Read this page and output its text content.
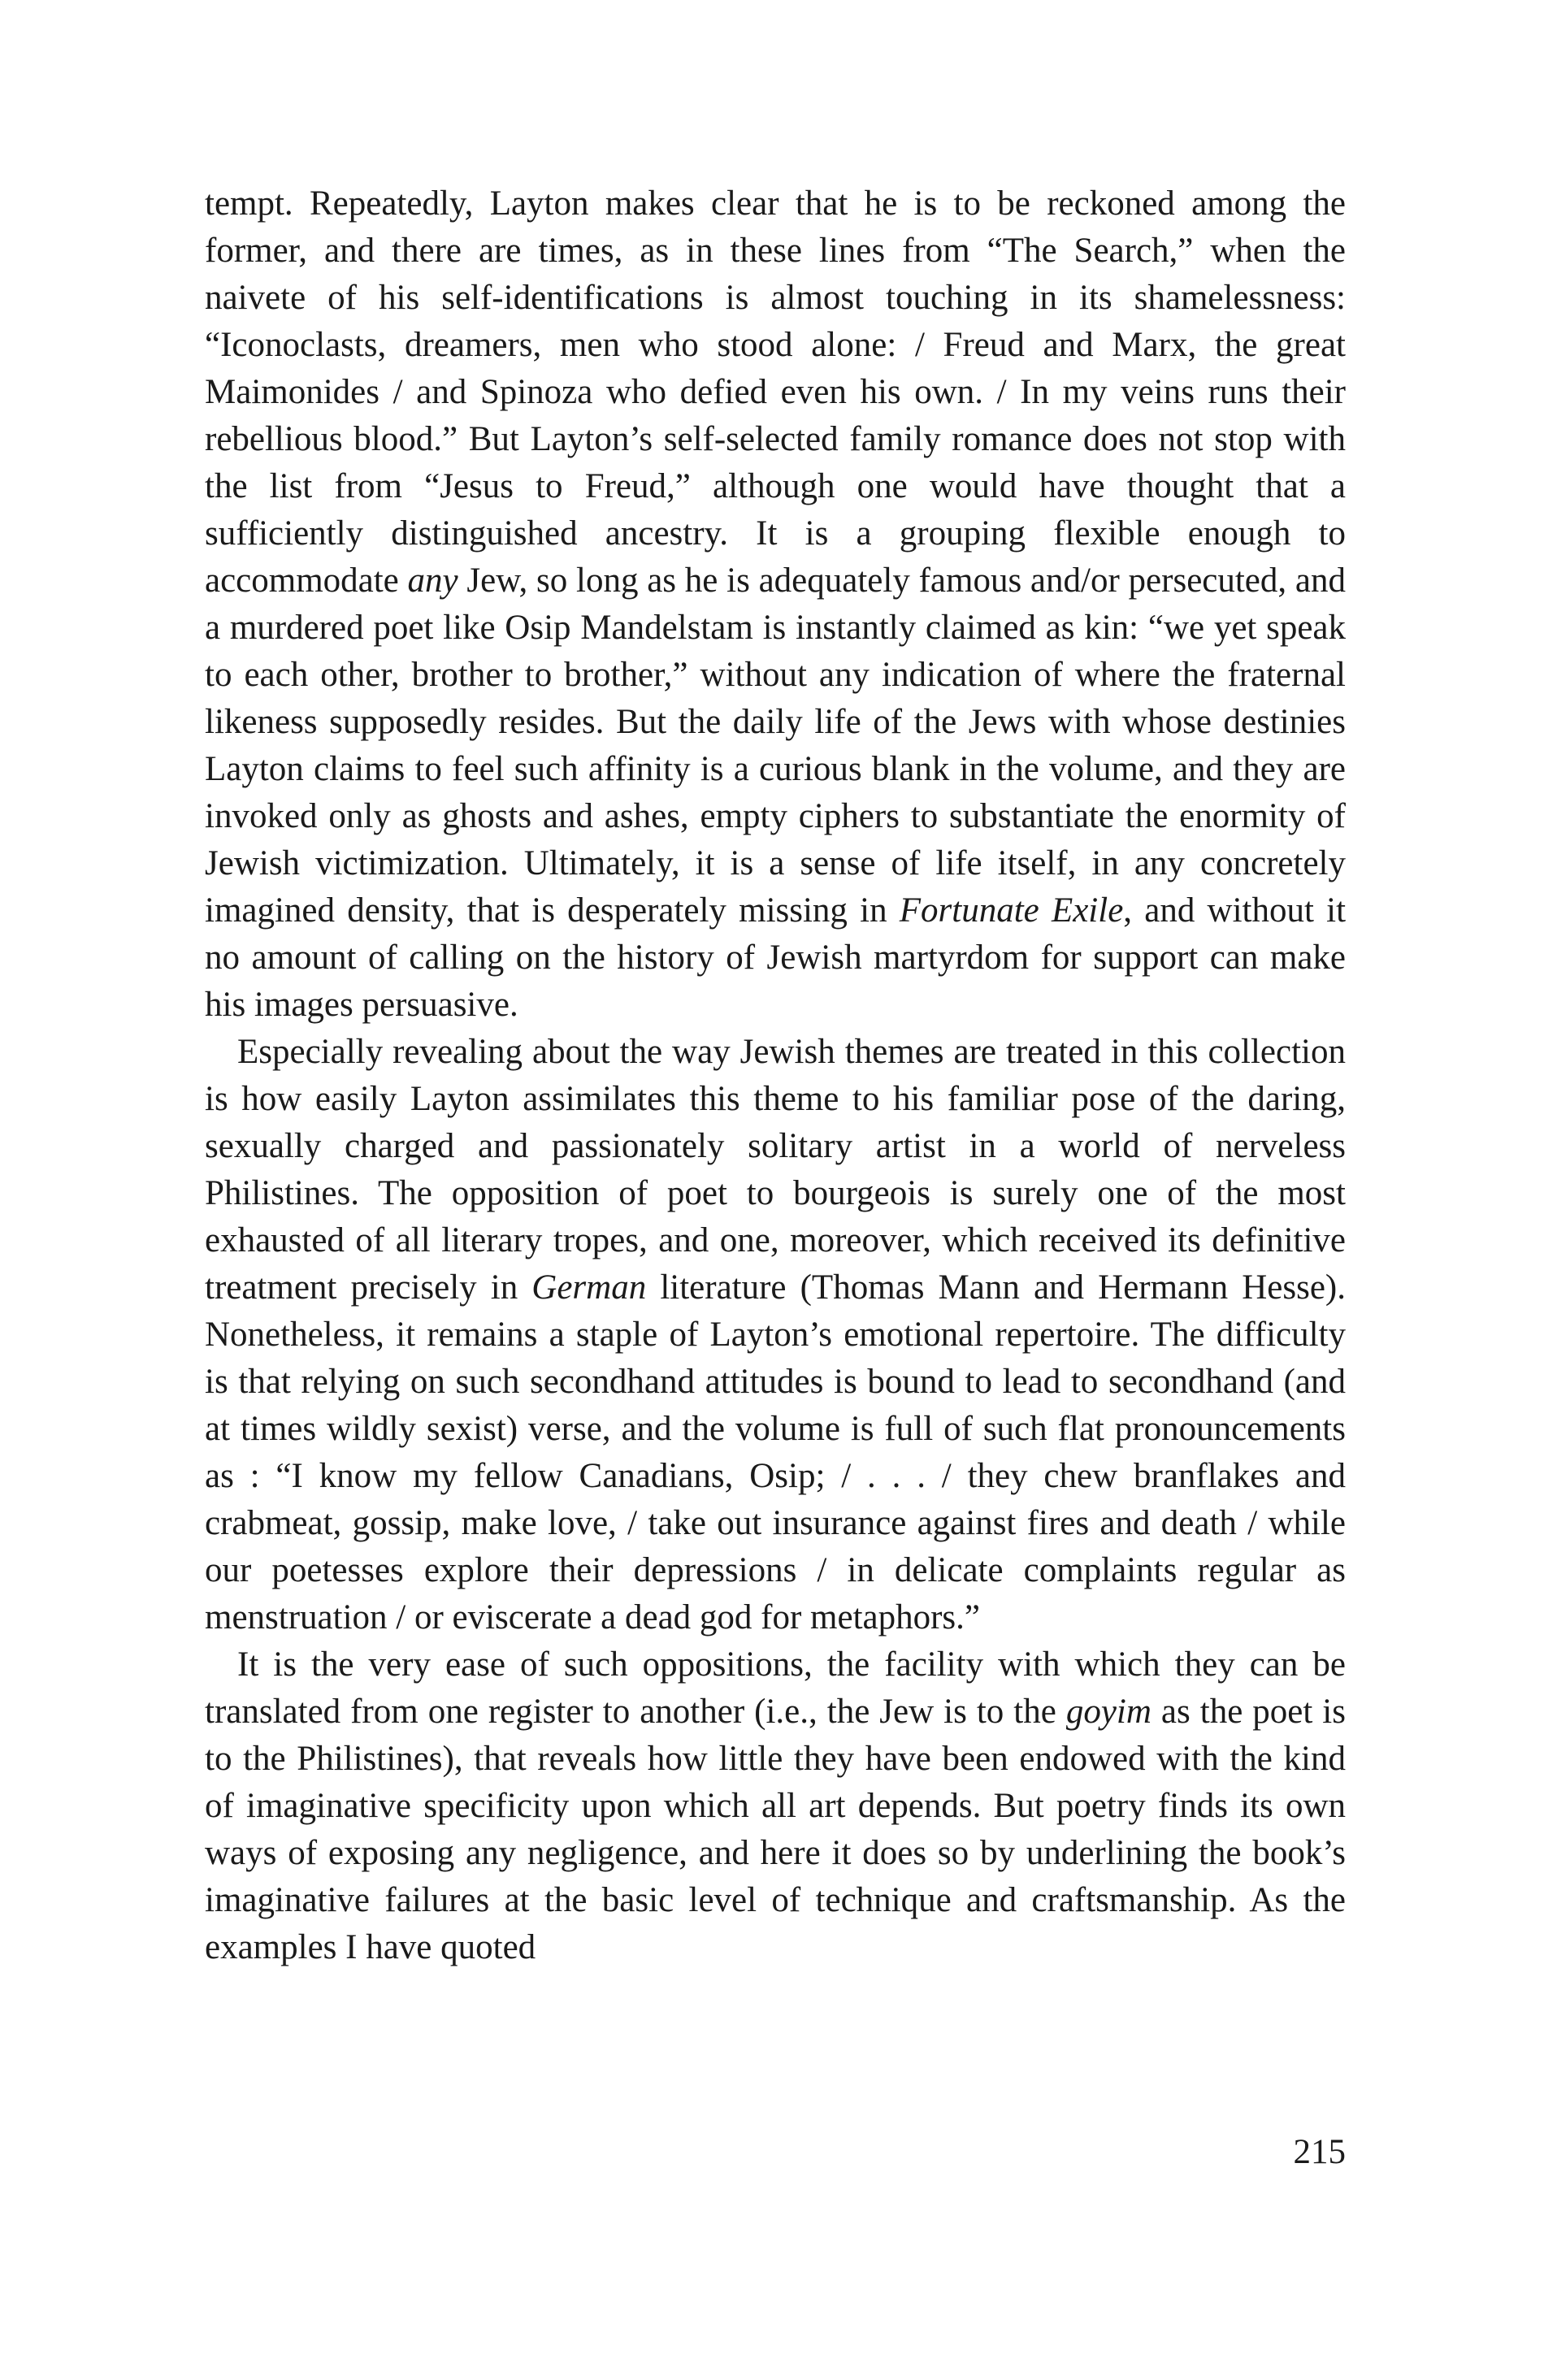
tempt. Repeatedly, Layton makes clear that he is to be reckoned among the former, and there are times, as in these lines from “The Search,” when the naivete of his self-identifications is almost touching in its shamelessness: “Iconoclasts, dreamers, men who stood alone: / Freud and Marx, the great Maimonides / and Spinoza who defied even his own. / In my veins runs their rebellious blood.” But Layton’s self-selected family romance does not stop with the list from “Jesus to Freud,” although one would have thought that a sufficiently distinguished ancestry. It is a grouping flexible enough to accommodate any Jew, so long as he is adequately famous and/or persecuted, and a murdered poet like Osip Mandelstam is instantly claimed as kin: “we yet speak to each other, brother to brother,” without any indication of where the fraternal likeness supposedly resides. But the daily life of the Jews with whose destinies Layton claims to feel such affinity is a curious blank in the volume, and they are invoked only as ghosts and ashes, empty ciphers to substantiate the enormity of Jewish victimization. Ultimately, it is a sense of life itself, in any concretely imagined density, that is desperately missing in Fortunate Exile, and without it no amount of calling on the history of Jewish martyrdom for support can make his images persuasive.

Especially revealing about the way Jewish themes are treated in this collection is how easily Layton assimilates this theme to his familiar pose of the daring, sexually charged and passionately solitary artist in a world of nerveless Philistines. The opposition of poet to bourgeois is surely one of the most exhausted of all literary tropes, and one, moreover, which received its definitive treatment precisely in German literature (Thomas Mann and Hermann Hesse). Nonetheless, it remains a staple of Layton’s emotional repertoire. The difficulty is that relying on such secondhand attitudes is bound to lead to secondhand (and at times wildly sexist) verse, and the volume is full of such flat pronouncements as : “I know my fellow Canadians, Osip; / . . . / they chew branflakes and crabmeat, gossip, make love, / take out insurance against fires and death / while our poetesses explore their depressions / in delicate complaints regular as menstruation / or eviscerate a dead god for metaphors.”

It is the very ease of such oppositions, the facility with which they can be translated from one register to another (i.e., the Jew is to the goyim as the poet is to the Philistines), that reveals how little they have been endowed with the kind of imaginative specificity upon which all art depends. But poetry finds its own ways of exposing any negligence, and here it does so by underlining the book’s imaginative failures at the basic level of technique and craftsmanship. As the examples I have quoted

215
